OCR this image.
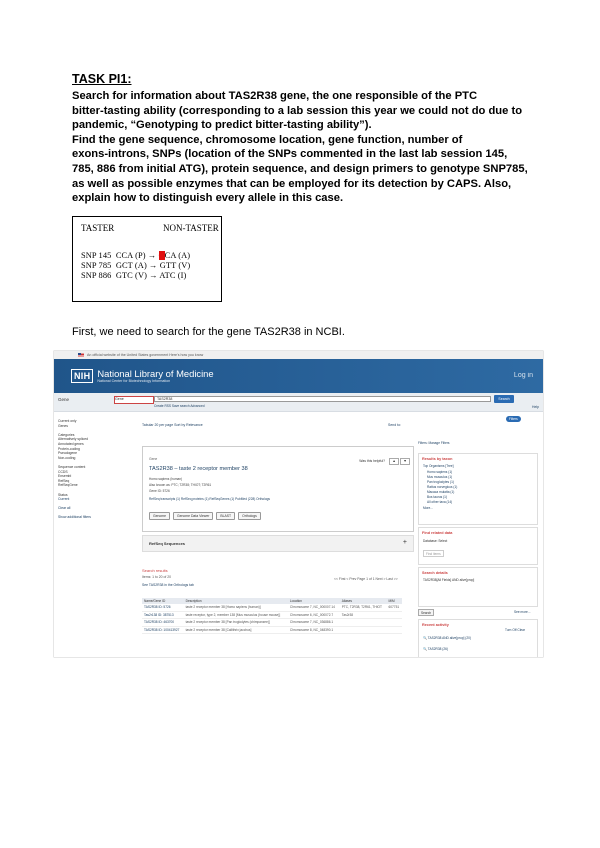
TASK PI1:
Search for information about TAS2R38 gene, the one responsible of the PTC
bitter-tasting ability (corresponding to a lab session this year we could not do due to
pandemic, “Genotyping to predict bitter-tasting ability”).
Find the gene sequence, chromosome location, gene function, number of
exons-introns, SNPs (location of the SNPs commented in the last lab session 145,
785, 886 from initial ATG), protein sequence, and design primers to genotype SNP785,
as well as possible enzymes that can be employed for its detection by CAPS. Also,
explain how to distinguish every allele in this case.
TASTER	NON-TASTER
SNP 145 CCA (P) → GCA (A)
SNP 785 GCT (A) → GTT (V)
SNP 886 GTC (V) → ATC (I)
First, we need to search for the gene TAS2R38 in NCBI.
An official website of the United States government Here's how you know
NIH National Library of Medicine
National Center for Biotechnology Information
Log in
Gene	Gene	TAS2R38	Search
Create RSS Save search Advanced	Help
Current only
Genes

Categories
Alternatively spliced
Annotated genes
Protein-coding
Pseudogene
Non-coding

Sequence content
CCDS
Ensembl
RefSeq
RefSeqGene

Status
Current

Clear all

Show additional filters
Tabular 20 per page Sort by Relevance	Send to:
Gene
TAS2R38 – taste 2 receptor member 38
Was this helpful?	▲	▼
Homo sapiens (human)
Also known as: PTC; T2R38; THIOT; T2R61
Gene ID: 5726
RefSeq transcripts (1) RefSeq proteins (1) RefSeqGenes (1) PubMed (228) Orthologs
Genome	Genome Data Viewer	BLAST	Orthologs
RefSeq Sequences	+
Search results
Items: 1 to 20 of 20
See TAS2R38 in the Orthologs tab
<< First < Prev Page 1 of 1 Next > Last >>
Name/Gene ID	Description	Location	Aliases	MIM
TAS2R38 ID: 5726	taste 2 receptor member 38 [Homo sapiens (human)]	Chromosome 7, NC_000007.14	PTC, T2R38, T2R61, THIOT	607751
Tas2r138 ID: 387513	taste receptor, type 2, member 138 [Mus musculus (house mouse)]	Chromosome 6, NC_000072.7	Tas2r38	
TAS2R38 ID: 463700	taste 2 receptor member 38 [Pan troglodytes (chimpanzee)]	Chromosome 7, NC_036886.1		
TAS2R38 ID: 100413927	taste 2 receptor member 38 [Callithrix jacchus]	Chromosome 8, NC_048390.1		
Filters
Filters: Manage Filters
Results by taxon
Top Organisms [Tree]
Homo sapiens (1)
Mus musculus (1)
Pan troglodytes (1)
Rattus norvegicus (1)
Macaca mulatta (1)
Bos taurus (1)
All other taxa (14)
More...
Find related data
Database: Select
Find items
Search details
TAS2R38[All Fields] AND alive[prop]
Search	See more...
Recent activity
Turn Off Clear
🔍 TAS2R38 AND alive[prop] (20)
🔍 TAS2R38 (26)
